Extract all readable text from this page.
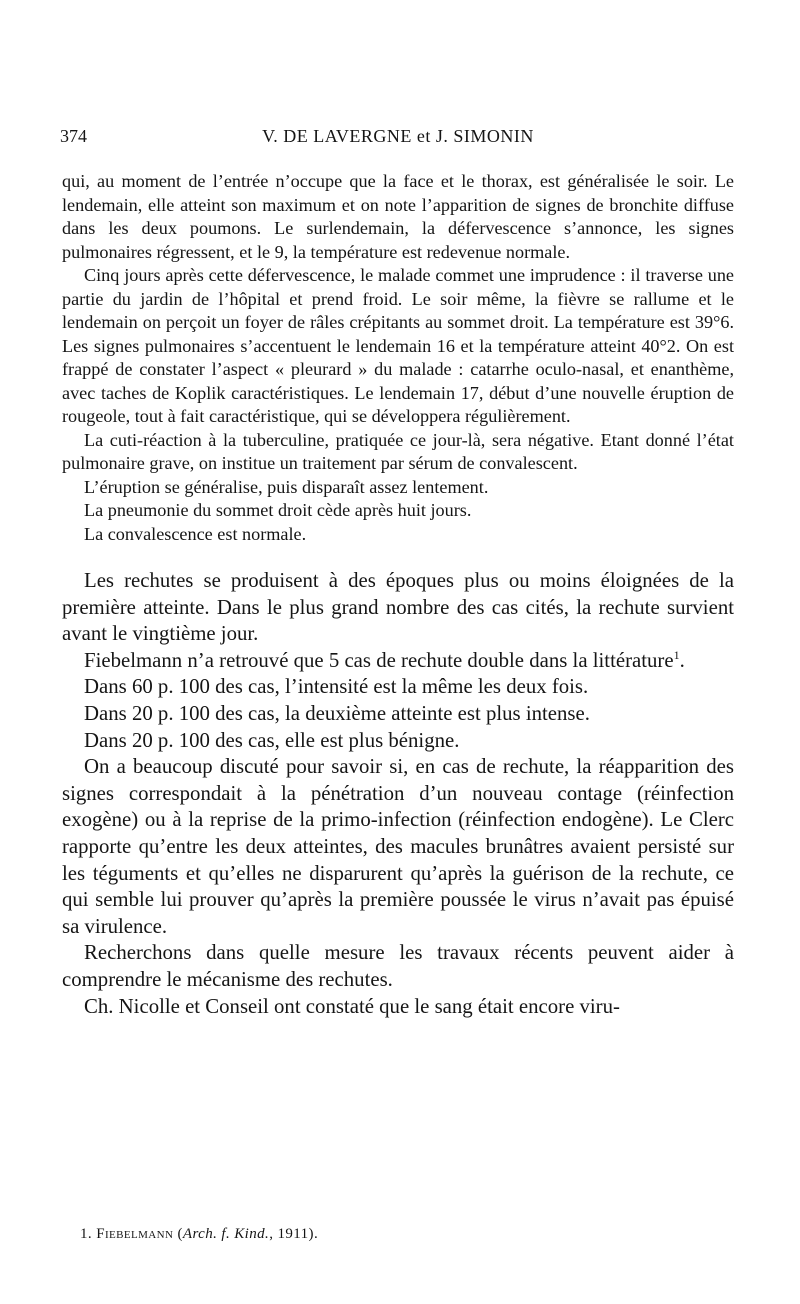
374	V. DE LAVERGNE et J. SIMONIN

qui, au moment de l’entrée n’occupe que la face et le thorax, est généralisée le soir. Le lendemain, elle atteint son maximum et on note l’apparition de signes de bronchite diffuse dans les deux poumons. Le surlendemain, la défervescence s’annonce, les signes pulmonaires régressent, et le 9, la température est redevenue normale.

Cinq jours après cette défervescence, le malade commet une imprudence : il traverse une partie du jardin de l’hôpital et prend froid. Le soir même, la fièvre se rallume et le lendemain on perçoit un foyer de râles crépitants au sommet droit. La température est 39°6. Les signes pulmonaires s’accentuent le lendemain 16 et la température atteint 40°2. On est frappé de constater l’aspect « pleurard » du malade : catarrhe oculo-nasal, et enanthème, avec taches de Koplik caractéristiques. Le lendemain 17, début d’une nouvelle éruption de rougeole, tout à fait caractéristique, qui se développera régulièrement.

La cuti-réaction à la tuberculine, pratiquée ce jour-là, sera négative. Etant donné l’état pulmonaire grave, on institue un traitement par sérum de convalescent.

L’éruption se généralise, puis disparaît assez lentement.

La pneumonie du sommet droit cède après huit jours.

La convalescence est normale.

Les rechutes se produisent à des époques plus ou moins éloignées de la première atteinte. Dans le plus grand nombre des cas cités, la rechute survient avant le vingtième jour.

Fiebelmann n’a retrouvé que 5 cas de rechute double dans la littérature$^1$.

Dans 60 p. 100 des cas, l’intensité est la même les deux fois.

Dans 20 p. 100 des cas, la deuxième atteinte est plus intense.

Dans 20 p. 100 des cas, elle est plus bénigne.

On a beaucoup discuté pour savoir si, en cas de rechute, la réapparition des signes correspondait à la pénétration d’un nouveau contage (réinfection exogène) ou à la reprise de la primo-infection (réinfection endogène). Le Clerc rapporte qu’entre les deux atteintes, des macules brunâtres avaient persisté sur les téguments et qu’elles ne disparurent qu’après la guérison de la rechute, ce qui semble lui prouver qu’après la première poussée le virus n’avait pas épuisé sa virulence.

Recherchons dans quelle mesure les travaux récents peuvent aider à comprendre le mécanisme des rechutes.

Ch. Nicolle et Conseil ont constaté que le sang était encore viru-

1. Fiebelmann (Arch. f. Kind., 1911).
